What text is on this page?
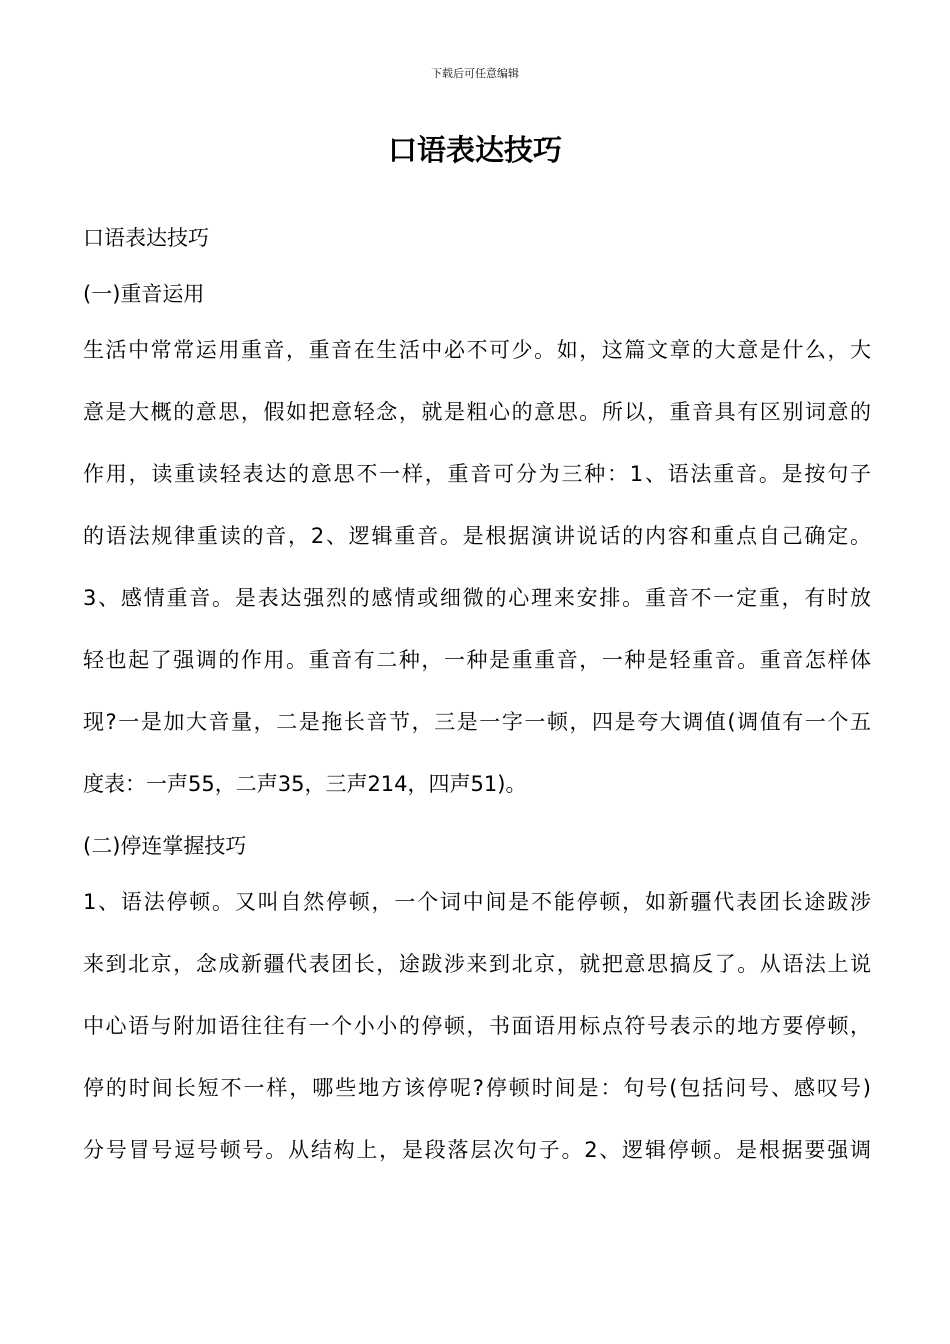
下载后可任意编辑
口语表达技巧
口语表达技巧
(一)重音运用
生活中常常运用重音，重音在生活中必不可少。如，这篇文章的大意是什么，大
意是大概的意思，假如把意轻念，就是粗心的意思。所以，重音具有区别词意的
作用，读重读轻表达的意思不一样，重音可分为三种：1、语法重音。是按句子
的语法规律重读的音，2、逻辑重音。是根据演讲说话的内容和重点自己确定。
3、感情重音。是表达强烈的感情或细微的心理来安排。重音不一定重，有时放
轻也起了强调的作用。重音有二种，一种是重重音，一种是轻重音。重音怎样体
现?一是加大音量，二是拖长音节，三是一字一顿，四是夸大调值(调值有一个五
度表：一声55，二声35，三声214，四声51)。
(二)停连掌握技巧
1、语法停顿。又叫自然停顿，一个词中间是不能停顿，如新疆代表团长途跋涉
来到北京，念成新疆代表团长，途跋涉来到北京，就把意思搞反了。从语法上说
中心语与附加语往往有一个小小的停顿，书面语用标点符号表示的地方要停顿，
停的时间长短不一样，哪些地方该停呢?停顿时间是：句号(包括问号、感叹号)
分号冒号逗号顿号。从结构上，是段落层次句子。2、逻辑停顿。是根据要强调
